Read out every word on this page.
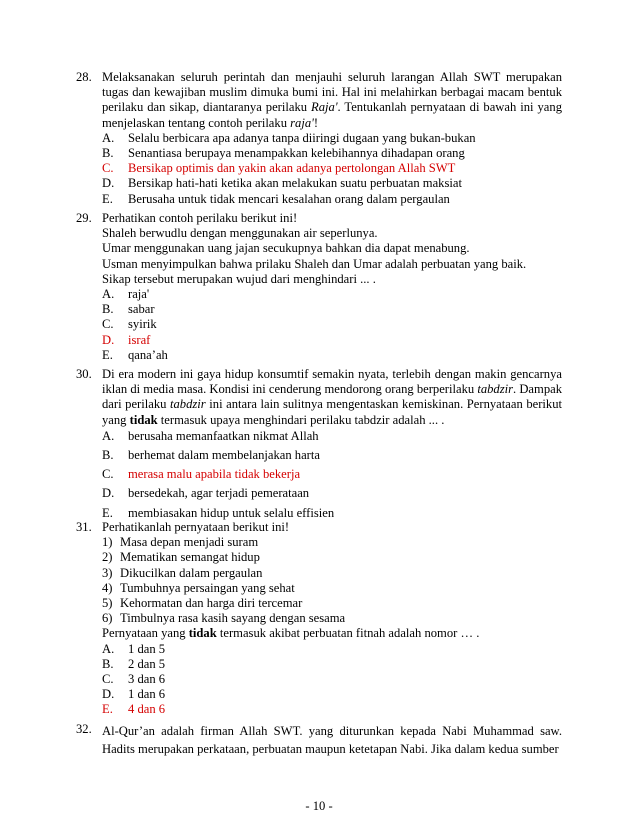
28. Melaksanakan seluruh perintah dan menjauhi seluruh larangan Allah SWT merupakan tugas dan kewajiban muslim dimuka bumi ini. Hal ini melahirkan berbagai macam bentuk perilaku dan sikap, diantaranya perilaku Raja'. Tentukanlah pernyataan di bawah ini yang menjelaskan tentang contoh perilaku raja'!
A.	Selalu berbicara apa adanya tanpa diiringi dugaan yang bukan-bukan
B.	Senantiasa berupaya menampakkan kelebihannya dihadapan orang
C.	Bersikap optimis dan yakin akan adanya pertolongan Allah SWT
D.	Bersikap hati-hati ketika akan melakukan suatu perbuatan maksiat
E.	Berusaha untuk tidak mencari kesalahan orang dalam pergaulan
29. Perhatikan contoh perilaku berikut ini!
Shaleh berwudlu dengan menggunakan air seperlunya.
Umar menggunakan uang jajan secukupnya bahkan dia dapat menabung.
Usman menyimpulkan bahwa prilaku Shaleh dan Umar adalah perbuatan yang baik.
Sikap tersebut merupakan wujud dari menghindari ... .
A.	raja'
B.	sabar
C.	syirik
D.	israf
E.	qana’ah
30. Di era modern ini gaya hidup konsumtif semakin nyata, terlebih dengan makin gencarnya iklan di media masa. Kondisi ini cenderung mendorong orang berperilaku tabdzir. Dampak dari perilaku tabdzir ini antara lain sulitnya mengentaskan kemiskinan. Pernyataan berikut yang tidak termasuk upaya menghindari perilaku tabdzir adalah ... .
A.	berusaha memanfaatkan nikmat Allah
B.	berhemat dalam membelanjakan harta
C.	merasa malu apabila tidak bekerja
D.	bersedekah, agar terjadi pemerataan
E.	membiasakan hidup untuk selalu effisien
31. Perhatikanlah pernyataan berikut ini!
1) Masa depan menjadi suram
2) Mematikan semangat hidup
3) Dikucilkan dalam pergaulan
4) Tumbuhnya persaingan yang sehat
5) Kehormatan dan harga diri tercemar
6) Timbulnya rasa kasih sayang dengan sesama
Pernyataan yang tidak termasuk akibat perbuatan fitnah adalah nomor … .
A.	1 dan 5
B.	2 dan 5
C.	3 dan 6
D.	1 dan 6
E.	4 dan 6
32. Al-Qur’an adalah firman Allah SWT. yang diturunkan kepada Nabi Muhammad saw. Hadits merupakan perkataan, perbuatan maupun ketetapan Nabi. Jika dalam kedua sumber
- 10 -
